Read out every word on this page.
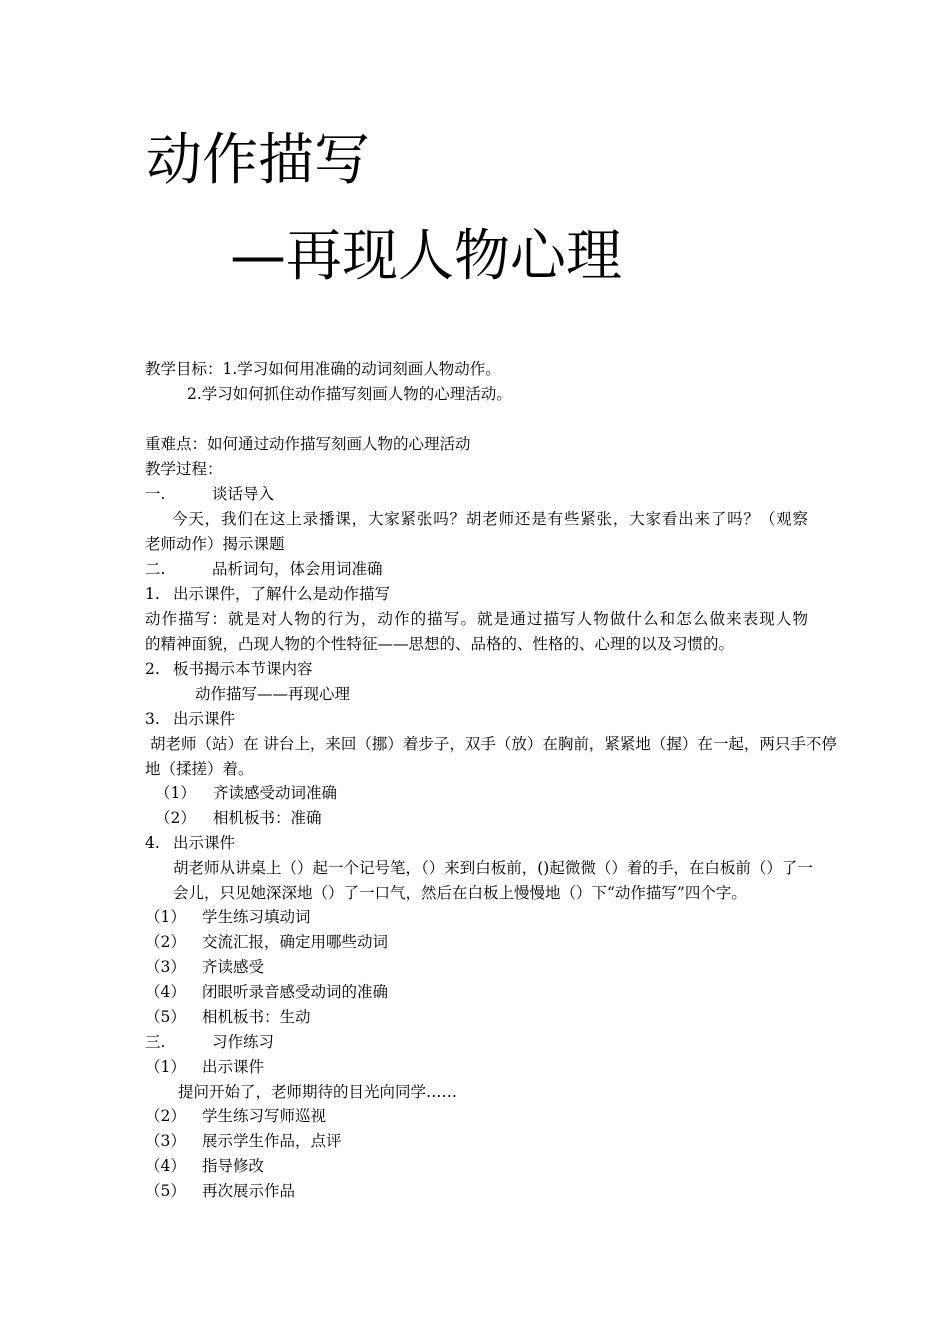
动作描写
—再现人物心理
教学目标：1.学习如何用准确的动词刻画人物动作。
2.学习如何抓住动作描写刻画人物的心理活动。
重难点：如何通过动作描写刻画人物的心理活动
教学过程：
一.	谈话导入
今天，我们在这上录播课，大家紧张吗？胡老师还是有些紧张，大家看出来了吗？（观察
老师动作）揭示课题
二.	品析词句，体会用词准确
1. 出示课件，了解什么是动作描写
动作描写：就是对人物的行为，动作的描写。就是通过描写人物做什么和怎么做来表现人物
的精神面貌，凸现人物的个性特征——思想的、品格的、性格的、心理的以及习惯的。
2. 板书揭示本节课内容
动作描写——再现心理
3. 出示课件
胡老师（站）在 讲台上，来回（挪）着步子，双手（放）在胸前，紧紧地（握）在一起，两只手不停
地（揉搓）着。
（1） 齐读感受动词准确
（2） 相机板书：准确
4. 出示课件
胡老师从讲桌上（）起一个记号笔，（）来到白板前，()起微微（）着的手，在白板前（）了一
会儿，只见她深深地（）了一口气，然后在白板上慢慢地（）下“动作描写”四个字。
（1） 学生练习填动词
（2） 交流汇报，确定用哪些动词
（3） 齐读感受
（4） 闭眼听录音感受动词的准确
（5） 相机板书：生动
三.	习作练习
（1） 出示课件
提问开始了，老师期待的目光向同学……
（2） 学生练习写师巡视
（3） 展示学生作品，点评
（4） 指导修改
（5） 再次展示作品
